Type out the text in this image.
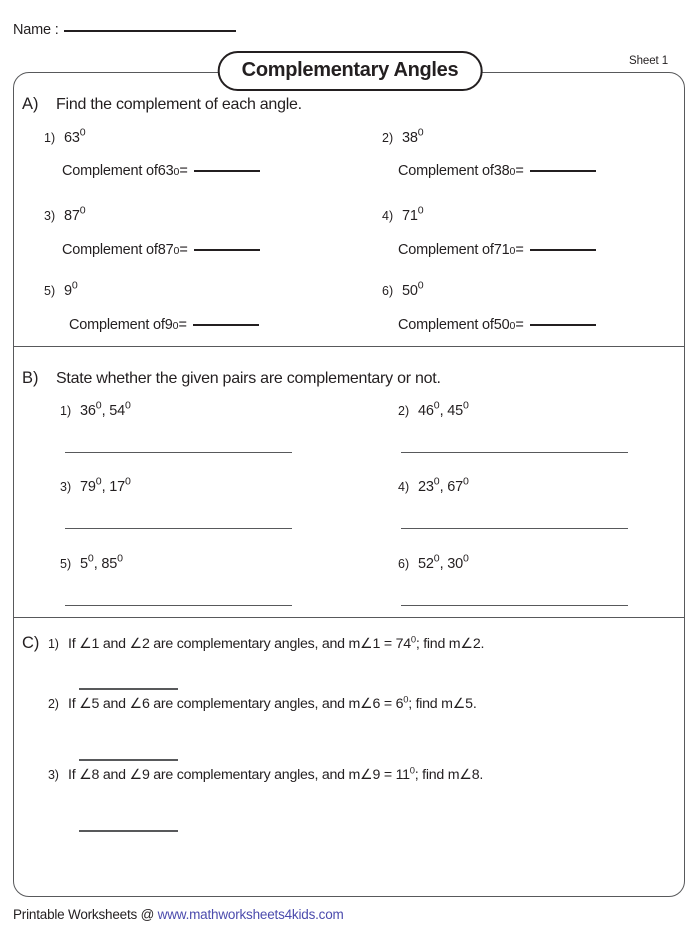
Name :
Sheet 1
Complementary Angles
A)	Find the complement of each angle.
1) $63^0$
Complement of 63 0 =
2) $38^0$
Complement of 38 0 =
3) $87^0$
Complement of 87 0 =
4) $71^0$
Complement of 71 0 =
5) $9^0$
Complement of 9 0 =
6) $50^0$
Complement of 50 0 =
B)	State whether the given pairs are complementary or not.
1) $36^0$, $54^0$	2) $46^0$, $45^0$
3) $79^0$, $17^0$	4) $23^0$, $67^0$
5) $5^0$, $85^0$	6) $52^0$, $30^0$
C) 1) If ∠1 and ∠2 are complementary angles, and m∠1 = $74^0$; find m∠2.
2) If ∠5 and ∠6 are complementary angles, and m∠6 = $6^0$; find m∠5.
3) If ∠8 and ∠9 are complementary angles, and m∠9 = $11^0$; find m∠8.
Printable Worksheets @ www.mathworksheets4kids.com
